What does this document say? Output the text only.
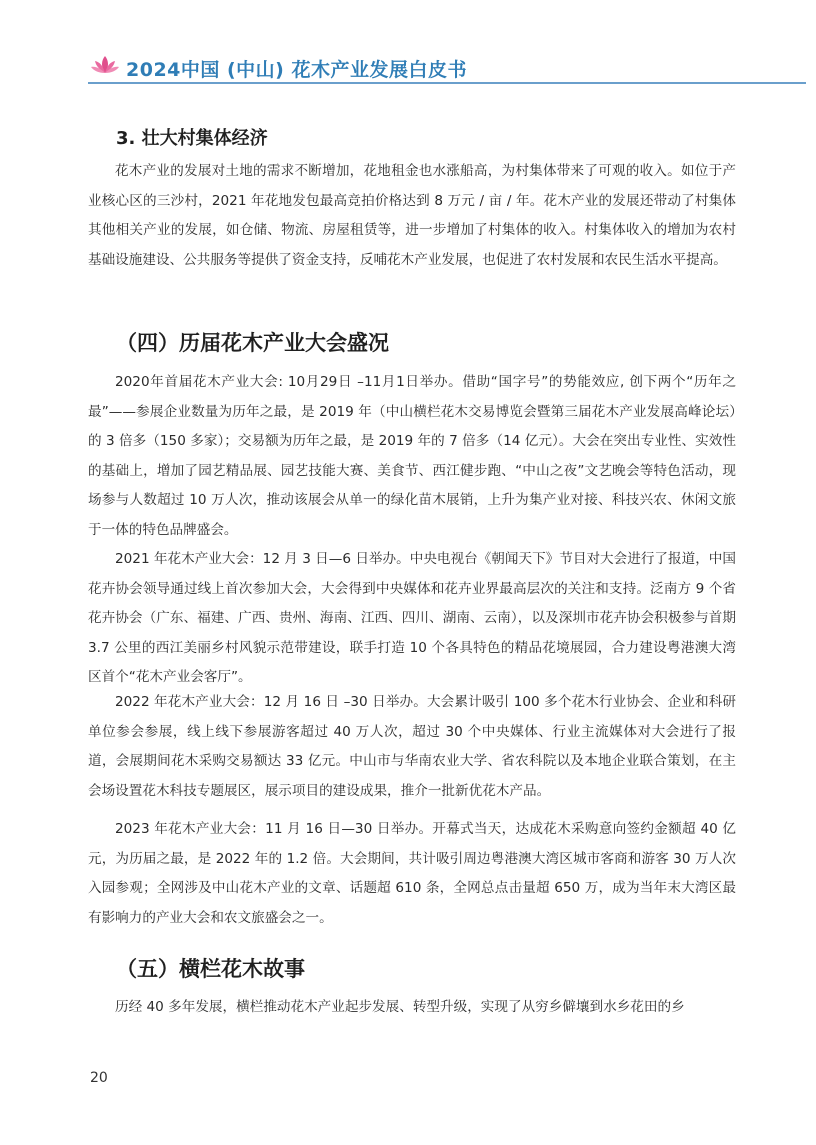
2024中国 (中山) 花木产业发展白皮书
3. 壮大村集体经济
花木产业的发展对土地的需求不断增加，花地租金也水涨船高，为村集体带来了可观的收入。如位于产业核心区的三沙村，2021 年花地发包最高竞拍价格达到 8 万元 / 亩 / 年。花木产业的发展还带动了村集体其他相关产业的发展，如仓储、物流、房屋租赁等，进一步增加了村集体的收入。村集体收入的增加为农村基础设施建设、公共服务等提供了资金支持，反哺花木产业发展，也促进了农村发展和农民生活水平提高。
（四）历届花木产业大会盛况
2020年首届花木产业大会: 10月29日 –11月1日举办。借助“国字号”的势能效应, 创下两个“历年之最”——参展企业数量为历年之最，是 2019 年（中山横栏花木交易博览会暨第三届花木产业发展高峰论坛）的 3 倍多（150 多家）；交易额为历年之最，是 2019 年的 7 倍多（14 亿元）。大会在突出专业性、实效性的基础上，增加了园艺精品展、园艺技能大赛、美食节、西江健步跑、“中山之夜”文艺晚会等特色活动，现场参与人数超过 10 万人次，推动该展会从单一的绿化苗木展销，上升为集产业对接、科技兴农、休闲文旅于一体的特色品牌盛会。
2021 年花木产业大会：12 月 3 日—6 日举办。中央电视台《朝闻天下》节目对大会进行了报道，中国花卉协会领导通过线上首次参加大会，大会得到中央媒体和花卉业界最高层次的关注和支持。泛南方 9 个省花卉协会（广东、福建、广西、贵州、海南、江西、四川、湖南、云南），以及深圳市花卉协会积极参与首期 3.7 公里的西江美丽乡村风貌示范带建设，联手打造 10 个各具特色的精品花境展园，合力建设粤港澳大湾区首个“花木产业会客厅”。
2022 年花木产业大会：12 月 16 日 –30 日举办。大会累计吸引 100 多个花木行业协会、企业和科研单位参会参展，线上线下参展游客超过 40 万人次，超过 30 个中央媒体、行业主流媒体对大会进行了报道，会展期间花木采购交易额达 33 亿元。中山市与华南农业大学、省农科院以及本地企业联合策划，在主会场设置花木科技专题展区，展示项目的建设成果，推介一批新优花木产品。
2023 年花木产业大会：11 月 16 日—30 日举办。开幕式当天，达成花木采购意向签约金额超 40 亿元，为历届之最，是 2022 年的 1.2 倍。大会期间，共计吸引周边粤港澳大湾区城市客商和游客 30 万人次入园参观；全网涉及中山花木产业的文章、话题超 610 条，全网总点击量超 650 万，成为当年末大湾区最有影响力的产业大会和农文旅盛会之一。
（五）横栏花木故事
历经 40 多年发展，横栏推动花木产业起步发展、转型升级，实现了从穷乡僻壤到水乡花田的乡
20
